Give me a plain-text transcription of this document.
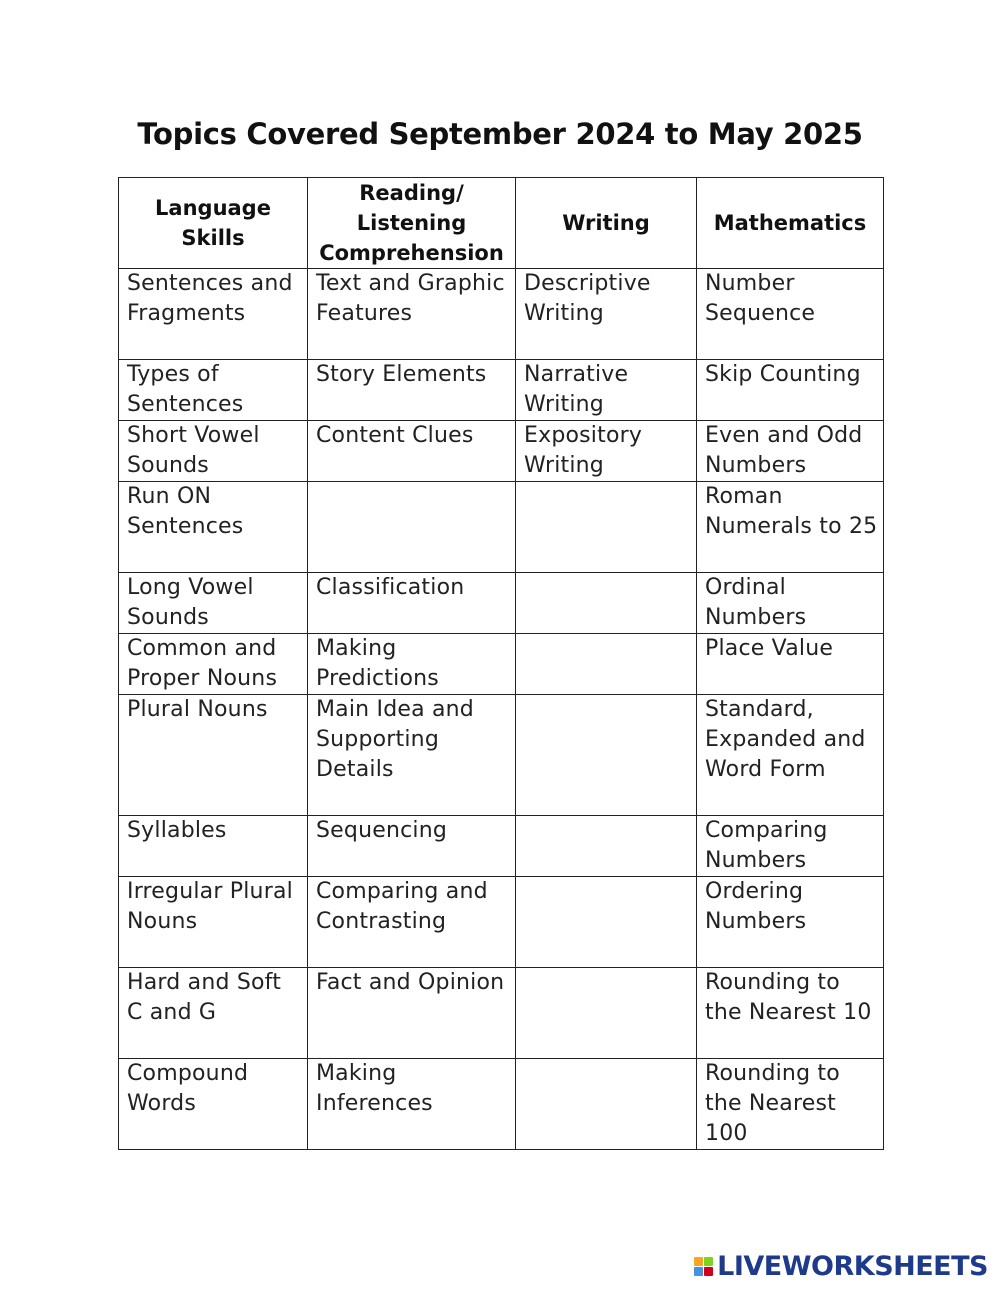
Topics Covered September 2024 to May 2025
Language Skills	Reading/ Listening Comprehension	Writing	Mathematics

Sentences and Fragments	Text and Graphic Features	Descriptive Writing	Number Sequence
Types of Sentences	Story Elements	Narrative Writing	Skip Counting
Short Vowel Sounds	Content Clues	Expository Writing	Even and Odd Numbers
Run ON Sentences			Roman Numerals to 25
Long Vowel Sounds	Classification		Ordinal Numbers
Common and Proper Nouns	Making Predictions		Place Value
Plural Nouns	Main Idea and Supporting Details		Standard, Expanded and Word Form
Syllables	Sequencing		Comparing Numbers
Irregular Plural Nouns	Comparing and Contrasting		Ordering Numbers
Hard and Soft C and G	Fact and Opinion		Rounding to the Nearest 10
Compound Words	Making Inferences		Rounding to the Nearest 100
LIVEWORKSHEETS
